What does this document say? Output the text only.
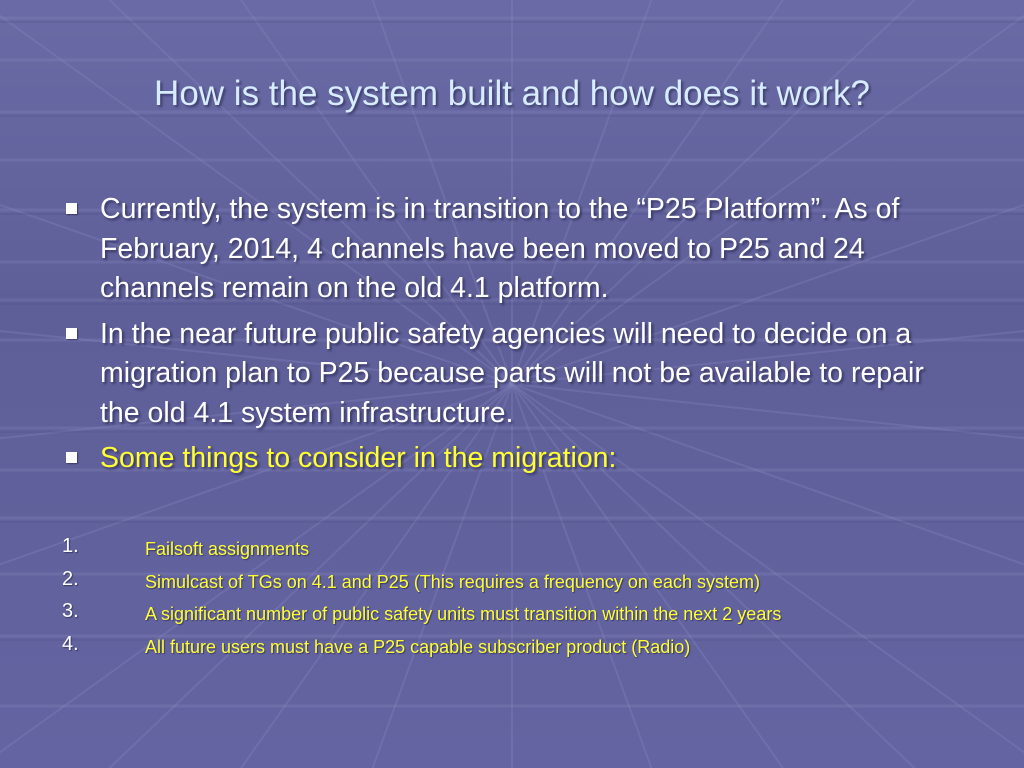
How is the system built and how does it work?
Currently, the system is in transition to the “P25 Platform”. As of February, 2014, 4 channels have been moved to P25 and 24 channels remain on the old 4.1 platform.
In the near future public safety agencies will need to decide on a migration plan to P25 because parts will not be available to repair the old 4.1 system infrastructure.
Some things to consider in the migration:
1.	Failsoft assignments
2.	Simulcast of TGs on 4.1 and P25 (This requires a frequency on each system)
3.	A significant number of public safety units must transition within the next 2 years
4.	All future users must have a P25 capable subscriber product (Radio)
